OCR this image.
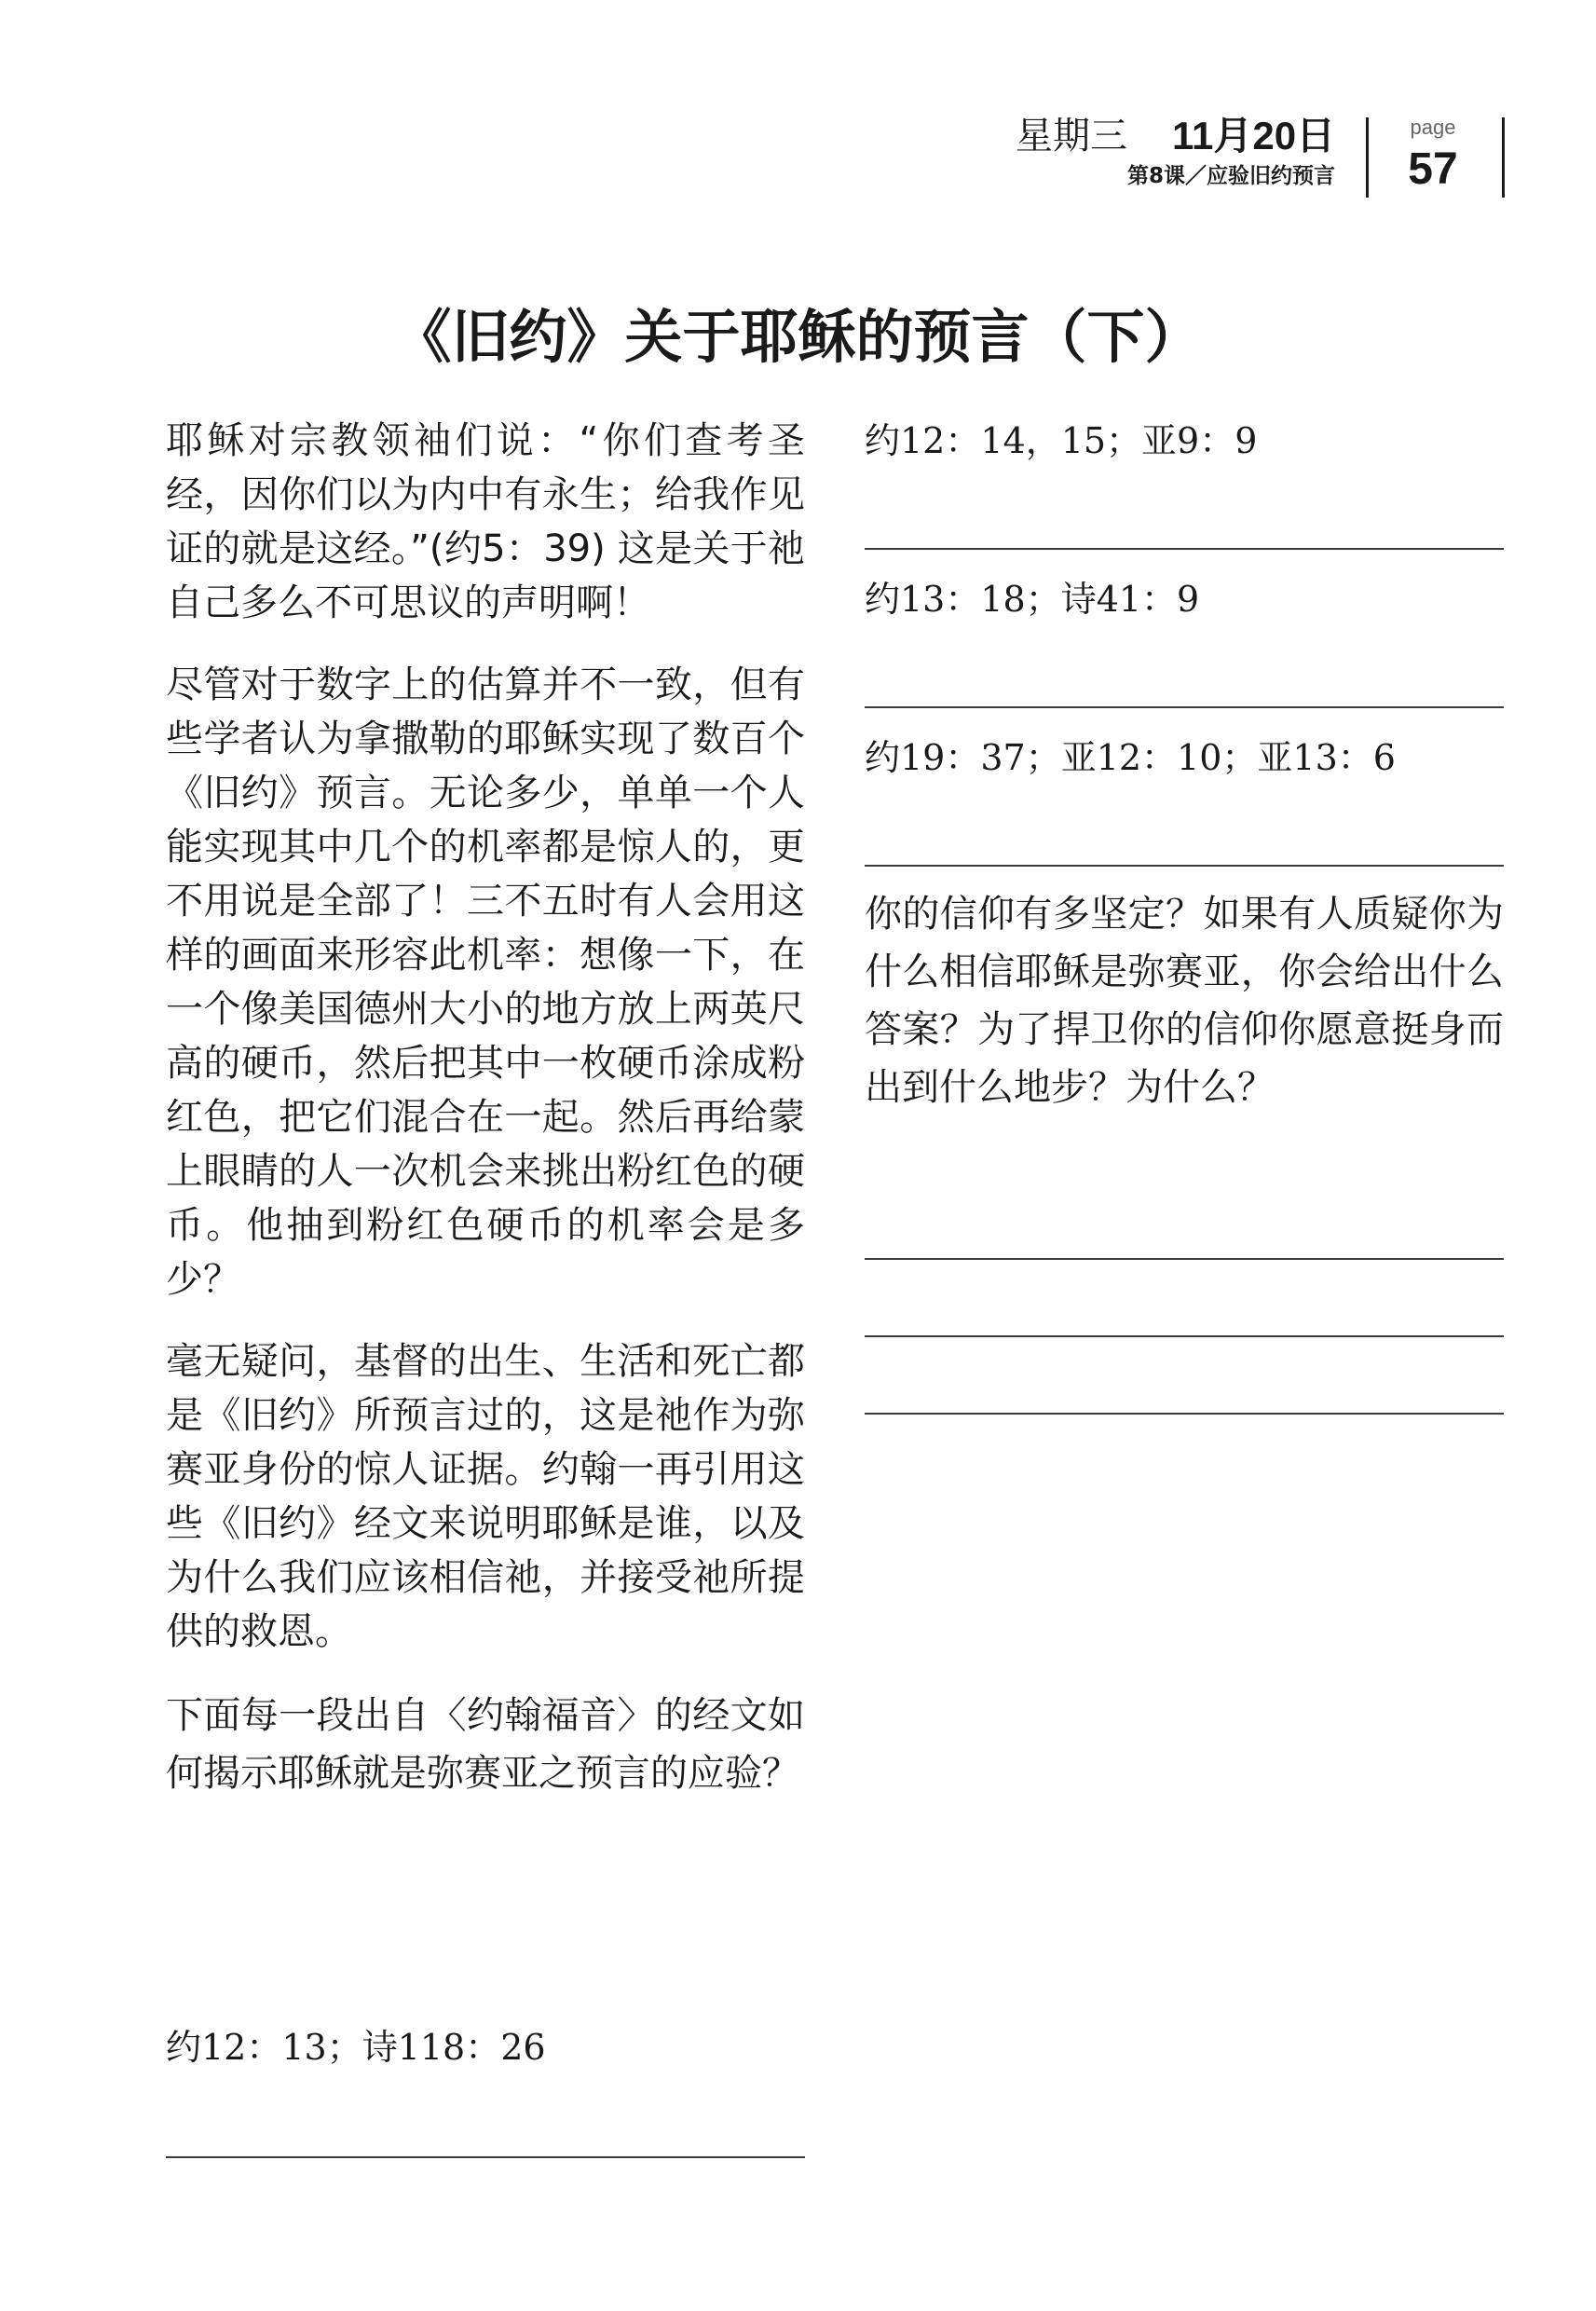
星期三 11月20日
第8课／应验旧约预言
page
57
《旧约》关于耶稣的预言（下）

耶稣对宗教领袖们说：“你们查考圣经，因你们以为内中有永生；给我作见证的就是这经。”(约5：39) 这是关于祂自己多么不可思议的声明啊！

尽管对于数字上的估算并不一致，但有些学者认为拿撒勒的耶稣实现了数百个《旧约》预言。无论多少，单单一个人能实现其中几个的机率都是惊人的，更不用说是全部了！三不五时有人会用这样的画面来形容此机率：想像一下，在一个像美国德州大小的地方放上两英尺高的硬币，然后把其中一枚硬币涂成粉红色，把它们混合在一起。然后再给蒙上眼睛的人一次机会来挑出粉红色的硬币。他抽到粉红色硬币的机率会是多少？

毫无疑问，基督的出生、生活和死亡都是《旧约》所预言过的，这是祂作为弥赛亚身份的惊人证据。约翰一再引用这些《旧约》经文来说明耶稣是谁，以及为什么我们应该相信祂，并接受祂所提供的救恩。

下面每一段出自〈约翰福音〉的经文如何揭示耶稣就是弥赛亚之预言的应验？

约12：13；诗118：26
约12：14，15；亚9：9
约13：18；诗41：9
约19：37；亚12：10；亚13：6
你的信仰有多坚定？如果有人质疑你为什么相信耶稣是弥赛亚，你会给出什么答案？为了捍卫你的信仰你愿意挺身而出到什么地步？为什么？
